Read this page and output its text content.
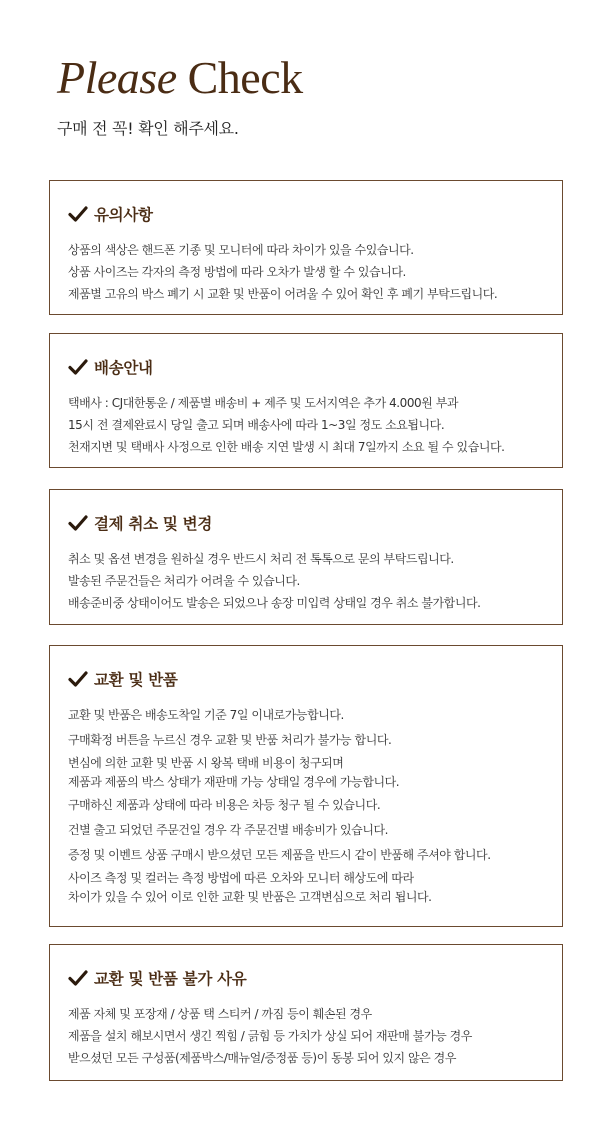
Please Check
구매 전 꼭! 확인 해주세요.
유의사항
상품의 색상은 핸드폰 기종 및 모니터에 따라 차이가 있을 수있습니다.
상품 사이즈는 각자의 측정 방법에 따라 오차가 발생 할 수 있습니다.
제품별 고유의 박스 폐기 시 교환 및 반품이 어려울 수 있어 확인 후 폐기 부탁드립니다.
배송안내
택배사 : CJ대한통운 / 제품별 배송비 + 제주 및 도서지역은 추가 4.000원 부과
15시 전 결제완료시 당일 출고 되며 배송사에 따라 1~3일 정도 소요됩니다.
천재지변 및 택배사 사정으로 인한 배송 지연 발생 시 최대 7일까지 소요 될 수 있습니다.
결제 취소 및 변경
취소 및 옵션 변경을 원하실 경우 반드시 처리 전 톡톡으로 문의 부탁드립니다.
발송된 주문건들은 처리가 어려울 수 있습니다.
배송준비중 상태이어도 발송은 되었으나 송장 미입력 상태일 경우 취소 불가합니다.
교환 및 반품
교환 및 반품은 배송도착일 기준 7일 이내로가능합니다.
구매확정 버튼을 누르신 경우 교환 및 반품 처리가 불가능 합니다.
변심에 의한 교환 및 반품 시 왕복 택배 비용이 청구되며
제품과 제품의 박스 상태가 재판매 가능 상태일 경우에 가능합니다.
구매하신 제품과 상태에 따라 비용은 차등 청구 될 수 있습니다.
건별 출고 되었던 주문건일 경우 각 주문건별 배송비가 있습니다.
증정 및 이벤트 상품 구매시 받으셨던 모든 제품을 반드시 같이 반품해 주셔야 합니다.
사이즈 측정 및 컬러는 측정 방법에 따른 오차와 모니터 해상도에 따라
차이가 있을 수 있어 이로 인한 교환 및 반품은 고객변심으로 처리 됩니다.
교환 및 반품 불가 사유
제품 자체 및 포장재 / 상품 택 스티커 / 까짐 등이 훼손된 경우
제품을 설치 해보시면서 생긴 찍힘 / 긁힘 등 가치가 상실 되어 재판매 불가능 경우
받으셨던 모든 구성품(제품박스/매뉴얼/증정품 등)이 동봉 되어 있지 않은 경우
